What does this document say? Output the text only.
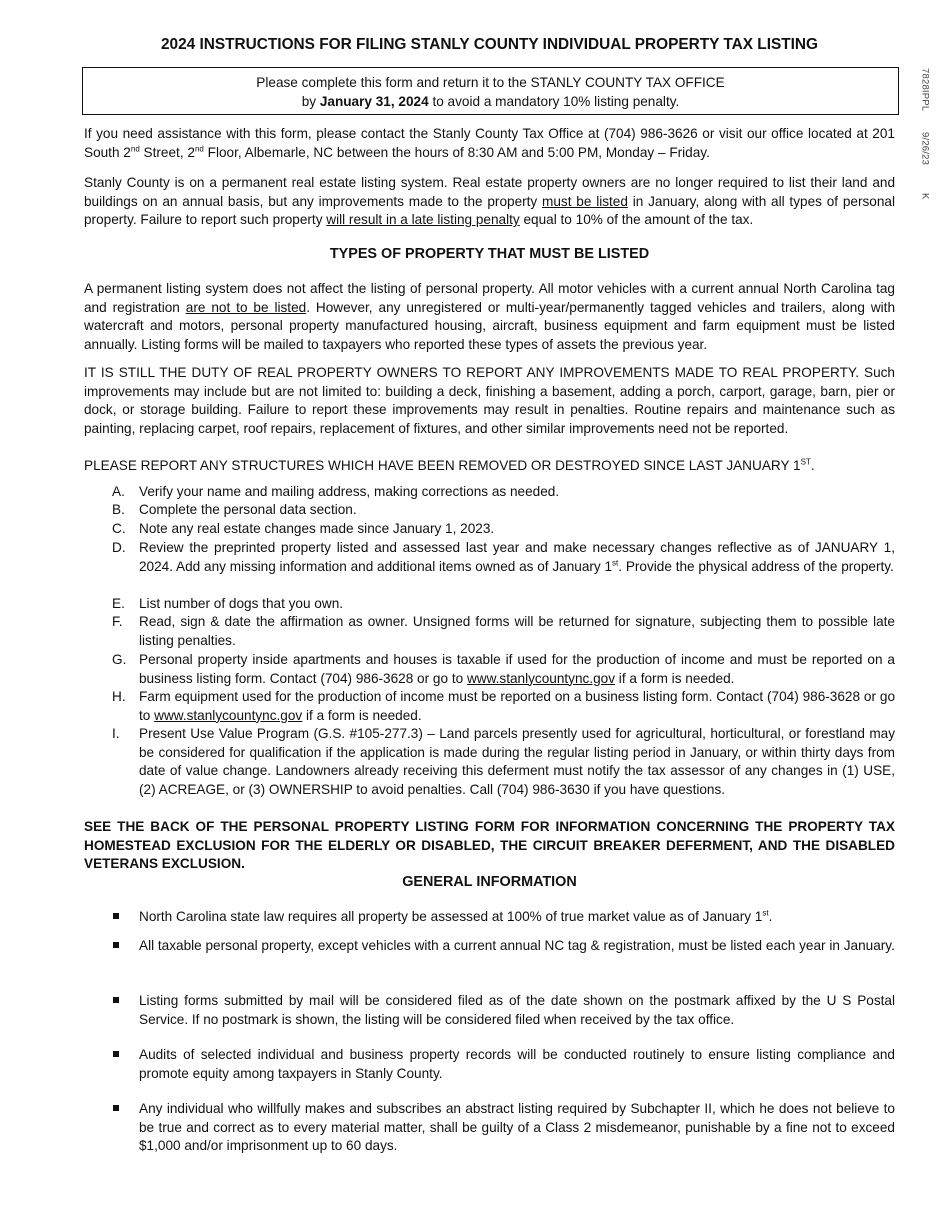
2024 INSTRUCTIONS FOR FILING STANLY COUNTY INDIVIDUAL PROPERTY TAX LISTING
Please complete this form and return it to the STANLY COUNTY TAX OFFICE
by January 31, 2024 to avoid a mandatory 10% listing penalty.	7828IPPL
9/26/23
K
If you need assistance with this form, please contact the Stanly County Tax Office at (704) 986-3626 or visit our office located at 201 South 2nd Street, 2nd Floor, Albemarle, NC between the hours of 8:30 AM and 5:00 PM, Monday – Friday.
Stanly County is on a permanent real estate listing system. Real estate property owners are no longer required to list their land and buildings on an annual basis, but any improvements made to the property must be listed in January, along with all types of personal property. Failure to report such property will result in a late listing penalty equal to 10% of the amount of the tax.
TYPES OF PROPERTY THAT MUST BE LISTED
A permanent listing system does not affect the listing of personal property. All motor vehicles with a current annual North Carolina tag and registration are not to be listed. However, any unregistered or multi-year/permanently tagged vehicles and trailers, along with watercraft and motors, personal property manufactured housing, aircraft, business equipment and farm equipment must be listed annually. Listing forms will be mailed to taxpayers who reported these types of assets the previous year.
IT IS STILL THE DUTY OF REAL PROPERTY OWNERS TO REPORT ANY IMPROVEMENTS MADE TO REAL PROPERTY. Such improvements may include but are not limited to: building a deck, finishing a basement, adding a porch, carport, garage, barn, pier or dock, or storage building. Failure to report these improvements may result in penalties. Routine repairs and maintenance such as painting, replacing carpet, roof repairs, replacement of fixtures, and other similar improvements need not be reported.
PLEASE REPORT ANY STRUCTURES WHICH HAVE BEEN REMOVED OR DESTROYED SINCE LAST JANUARY 1ST.
A. Verify your name and mailing address, making corrections as needed.
B. Complete the personal data section.
C. Note any real estate changes made since January 1, 2023.
D. Review the preprinted property listed and assessed last year and make necessary changes reflective as of JANUARY 1, 2024. Add any missing information and additional items owned as of January 1st. Provide the physical address of the property.
E. List number of dogs that you own.
F. Read, sign & date the affirmation as owner. Unsigned forms will be returned for signature, subjecting them to possible late listing penalties.
G. Personal property inside apartments and houses is taxable if used for the production of income and must be reported on a business listing form. Contact (704) 986-3628 or go to www.stanlycountync.gov if a form is needed.
H. Farm equipment used for the production of income must be reported on a business listing form. Contact (704) 986-3628 or go to www.stanlycountync.gov if a form is needed.
I. Present Use Value Program (G.S. #105-277.3) – Land parcels presently used for agricultural, horticultural, or forestland may be considered for qualification if the application is made during the regular listing period in January, or within thirty days from date of value change. Landowners already receiving this deferment must notify the tax assessor of any changes in (1) USE, (2) ACREAGE, or (3) OWNERSHIP to avoid penalties. Call (704) 986-3630 if you have questions.
SEE THE BACK OF THE PERSONAL PROPERTY LISTING FORM FOR INFORMATION CONCERNING THE PROPERTY TAX HOMESTEAD EXCLUSION FOR THE ELDERLY OR DISABLED, THE CIRCUIT BREAKER DEFERMENT, AND THE DISABLED VETERANS EXCLUSION.
GENERAL INFORMATION
North Carolina state law requires all property be assessed at 100% of true market value as of January 1st.
All taxable personal property, except vehicles with a current annual NC tag & registration, must be listed each year in January.
Listing forms submitted by mail will be considered filed as of the date shown on the postmark affixed by the U S Postal Service. If no postmark is shown, the listing will be considered filed when received by the tax office.
Audits of selected individual and business property records will be conducted routinely to ensure listing compliance and promote equity among taxpayers in Stanly County.
Any individual who willfully makes and subscribes an abstract listing required by Subchapter II, which he does not believe to be true and correct as to every material matter, shall be guilty of a Class 2 misdemeanor, punishable by a fine not to exceed $1,000 and/or imprisonment up to 60 days.
